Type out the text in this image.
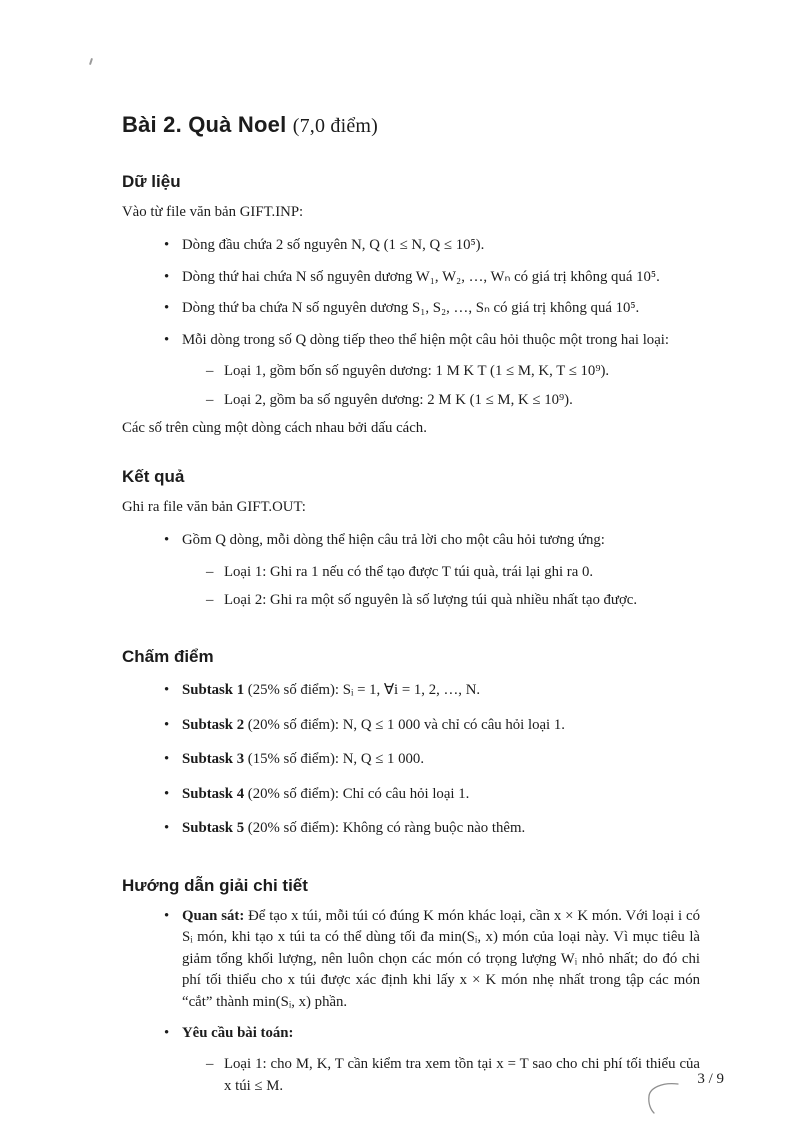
Bài 2. Quà Noel (7,0 điểm)
Dữ liệu

Vào từ file văn bản GIFT.INP:

• Dòng đầu chứa 2 số nguyên N, Q (1 ≤ N, Q ≤ 10⁵).
• Dòng thứ hai chứa N số nguyên dương W₁, W₂, …, Wₙ có giá trị không quá 10⁵.
• Dòng thứ ba chứa N số nguyên dương S₁, S₂, …, Sₙ có giá trị không quá 10⁵.
• Mỗi dòng trong số Q dòng tiếp theo thể hiện một câu hỏi thuộc một trong hai loại:
– Loại 1, gồm bốn số nguyên dương: 1 M K T (1 ≤ M, K, T ≤ 10⁹).
– Loại 2, gồm ba số nguyên dương: 2 M K (1 ≤ M, K ≤ 10⁹).

Các số trên cùng một dòng cách nhau bởi dấu cách.

Kết quả

Ghi ra file văn bản GIFT.OUT:

• Gồm Q dòng, mỗi dòng thể hiện câu trả lời cho một câu hỏi tương ứng:
– Loại 1: Ghi ra 1 nếu có thể tạo được T túi quà, trái lại ghi ra 0.
– Loại 2: Ghi ra một số nguyên là số lượng túi quà nhiều nhất tạo được.
Chấm điểm
• Subtask 1 (25% số điểm): Sᵢ = 1, ∀i = 1, 2, …, N.
• Subtask 2 (20% số điểm): N, Q ≤ 1 000 và chỉ có câu hỏi loại 1.
• Subtask 3 (15% số điểm): N, Q ≤ 1 000.
• Subtask 4 (20% số điểm): Chỉ có câu hỏi loại 1.
• Subtask 5 (20% số điểm): Không có ràng buộc nào thêm.
Hướng dẫn giải chi tiết
• Quan sát: Để tạo x túi, mỗi túi có đúng K món khác loại, cần x × K món. Với loại i có Sᵢ món, khi tạo x túi ta có thể dùng tối đa min(Sᵢ, x) món của loại này. Vì mục tiêu là giảm tổng khối lượng, nên luôn chọn các món có trọng lượng Wᵢ nhỏ nhất; do đó chi phí tối thiểu cho x túi được xác định khi lấy x × K món nhẹ nhất trong tập các món “cắt” thành min(Sᵢ, x) phần.
• Yêu cầu bài toán:
– Loại 1: cho M, K, T cần kiểm tra xem tồn tại x = T sao cho chi phí tối thiểu của x túi ≤ M.	3 / 9
